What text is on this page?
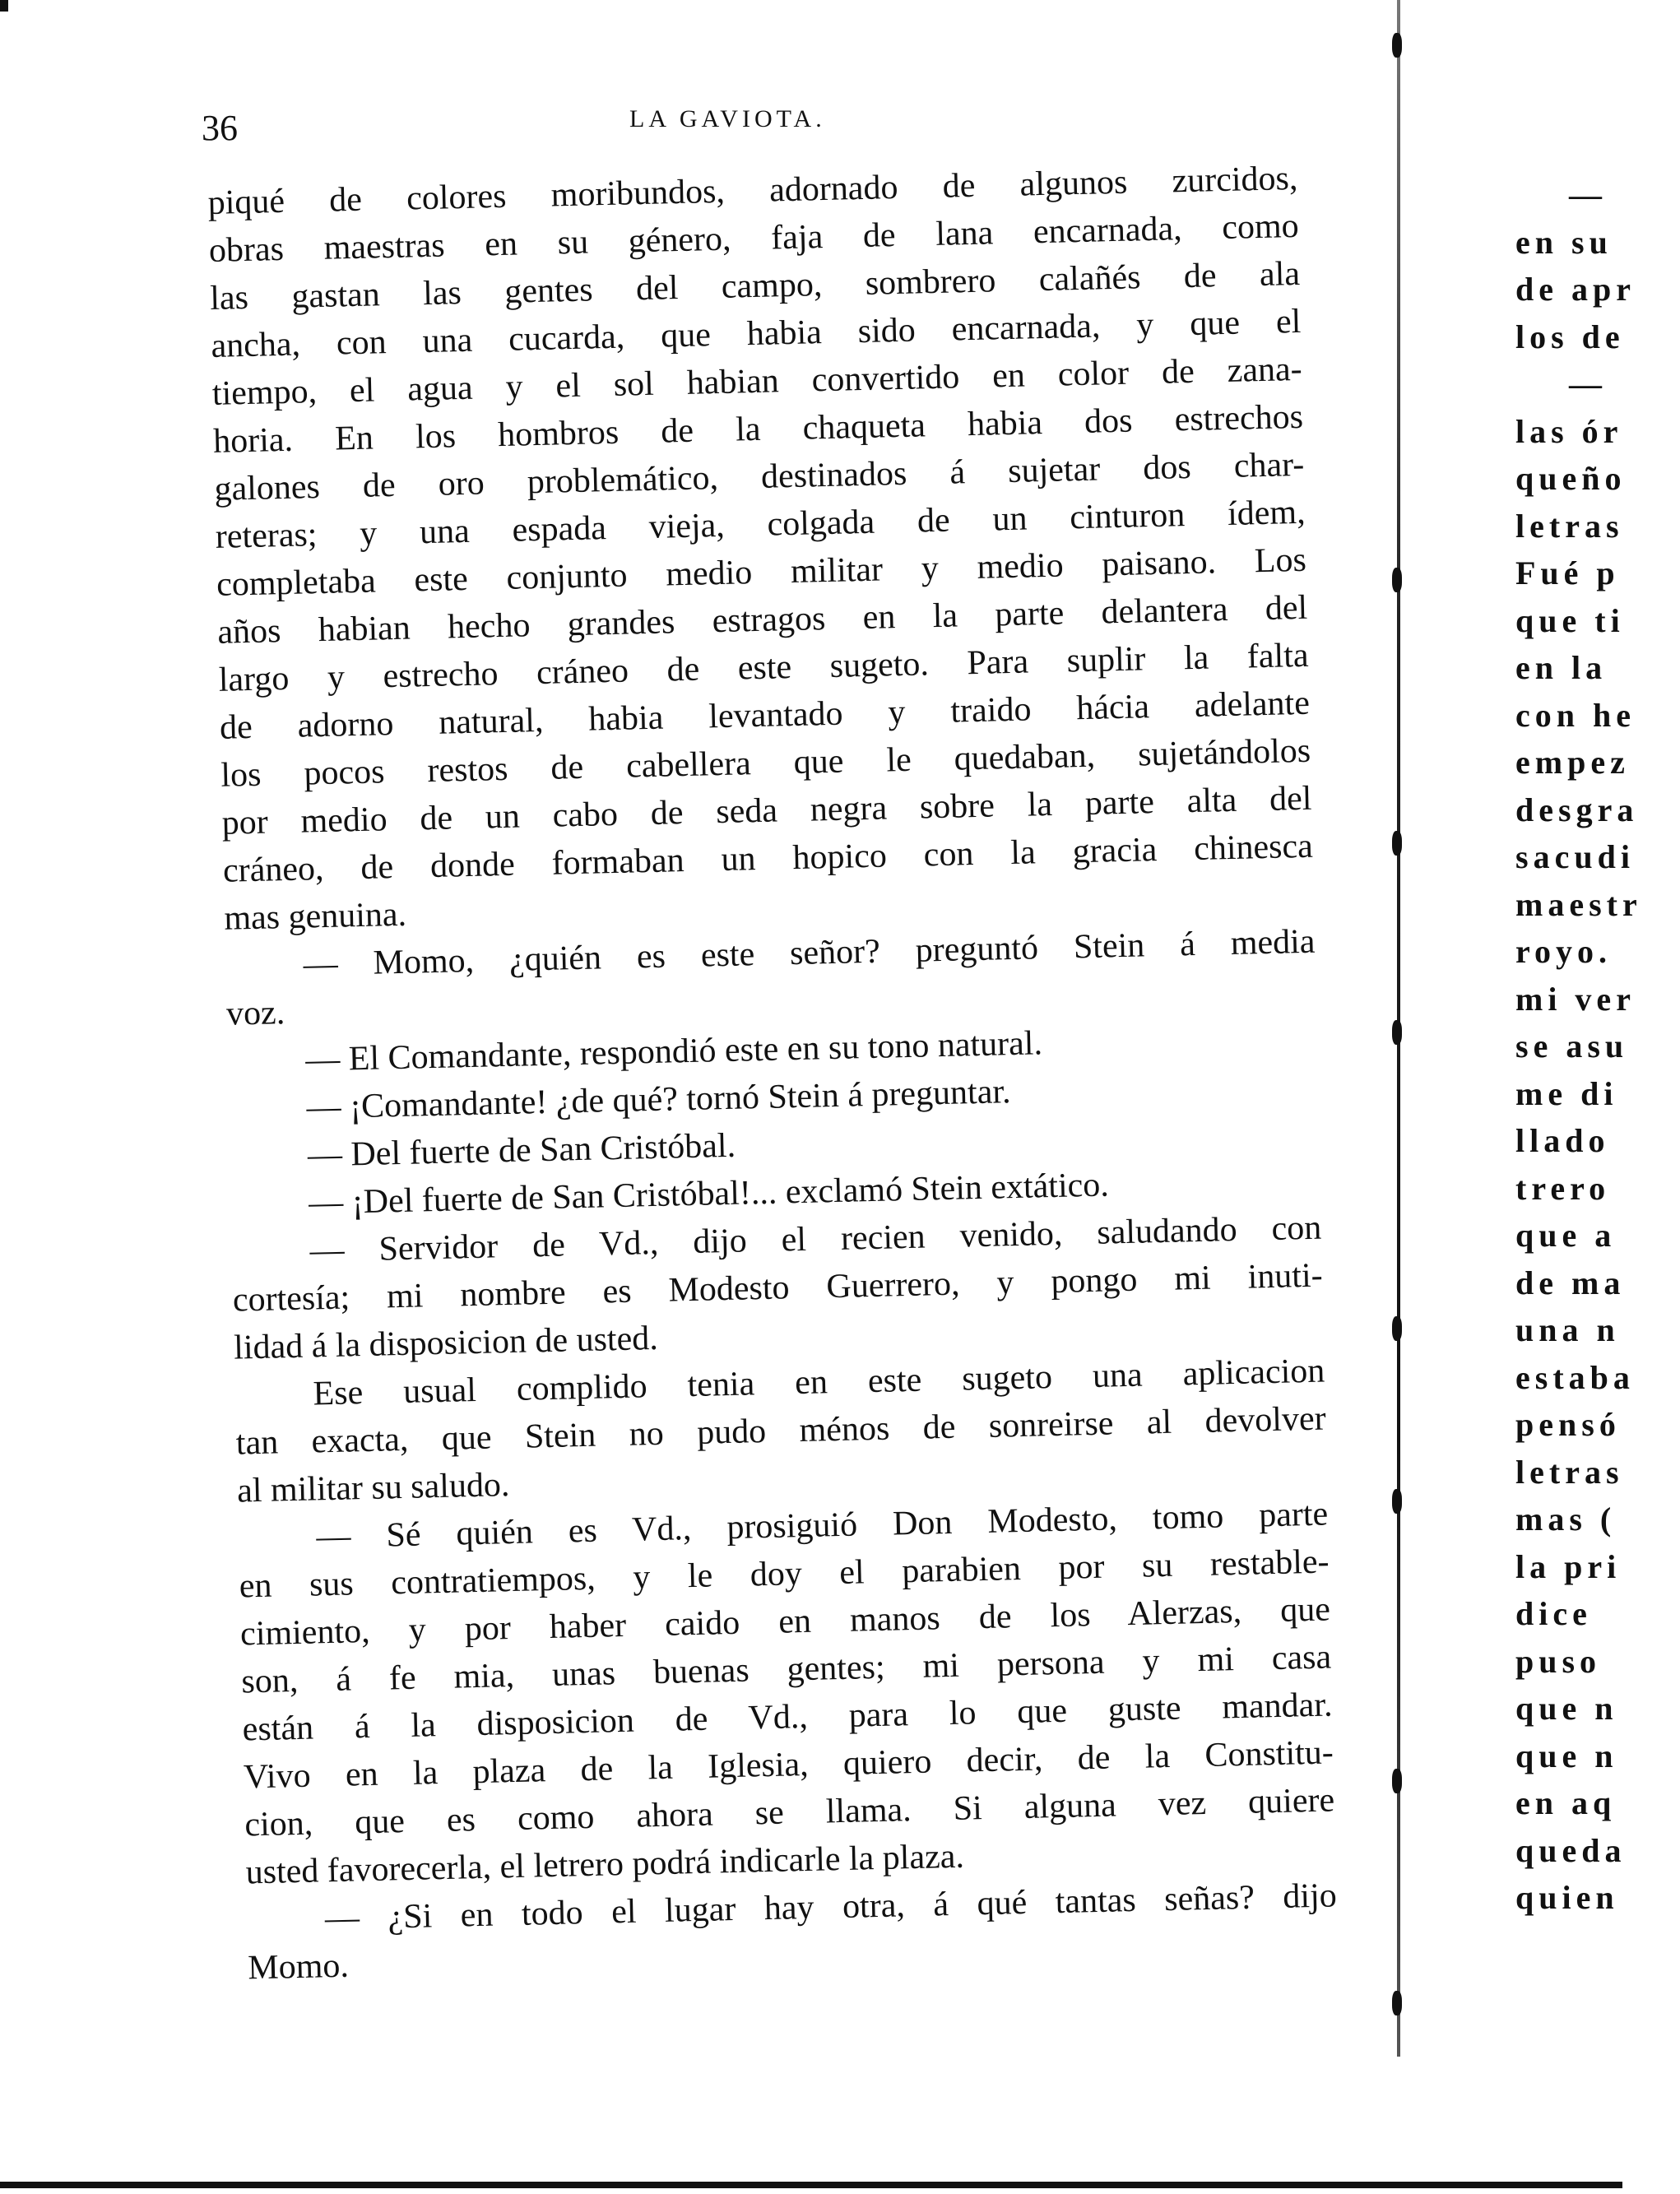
36	LA GAVIOTA.
piqué de colores moribundos, adornado de algunos zurcidos,
obras maestras en su género, faja de lana encarnada, como
las gastan las gentes del campo, sombrero calañés de ala
ancha, con una cucarda, que habia sido encarnada, y que el
tiempo, el agua y el sol habian convertido en color de zana-
horia. En los hombros de la chaqueta habia dos estrechos
galones de oro problemático, destinados á sujetar dos char-
reteras; y una espada vieja, colgada de un cinturon ídem,
completaba este conjunto medio militar y medio paisano. Los
años habian hecho grandes estragos en la parte delantera del
largo y estrecho cráneo de este sugeto. Para suplir la falta
de adorno natural, habia levantado y traido hácia adelante
los pocos restos de cabellera que le quedaban, sujetándolos
por medio de un cabo de seda negra sobre la parte alta del
cráneo, de donde formaban un hopico con la gracia chinesca
mas genuina.
— Momo, ¿quién es este señor? preguntó Stein á media
voz.
— El Comandante, respondió este en su tono natural.
— ¡Comandante! ¿de qué? tornó Stein á preguntar.
— Del fuerte de San Cristóbal.
— ¡Del fuerte de San Cristóbal!... exclamó Stein extático.
— Servidor de Vd., dijo el recien venido, saludando con
cortesía; mi nombre es Modesto Guerrero, y pongo mi inuti-
lidad á la disposicion de usted.
Ese usual complido tenia en este sugeto una aplicacion
tan exacta, que Stein no pudo ménos de sonreirse al devolver
al militar su saludo.
— Sé quién es Vd., prosiguió Don Modesto, tomo parte
en sus contratiempos, y le doy el parabien por su restable-
cimiento, y por haber caido en manos de los Alerzas, que
son, á fe mia, unas buenas gentes; mi persona y mi casa
están á la disposicion de Vd., para lo que guste mandar.
Vivo en la plaza de la Iglesia, quiero decir, de la Constitu-
cion, que es como ahora se llama. Si alguna vez quiere
usted favorecerla, el letrero podrá indicarle la plaza.
— ¿Si en todo el lugar hay otra, á qué tantas señas? dijo
Momo.
—
en su
de apr
los de
—
las ór
queño
letras
Fué p
que ti
en la
con he
empez
desgra
sacudi
maestr
royo.
mi ver
se asu
me di
llado
trero
que a
de ma
una n
estaba
pensó
letras
mas (
la pri
dice
puso
que n
que n
en aq
queda
quien
